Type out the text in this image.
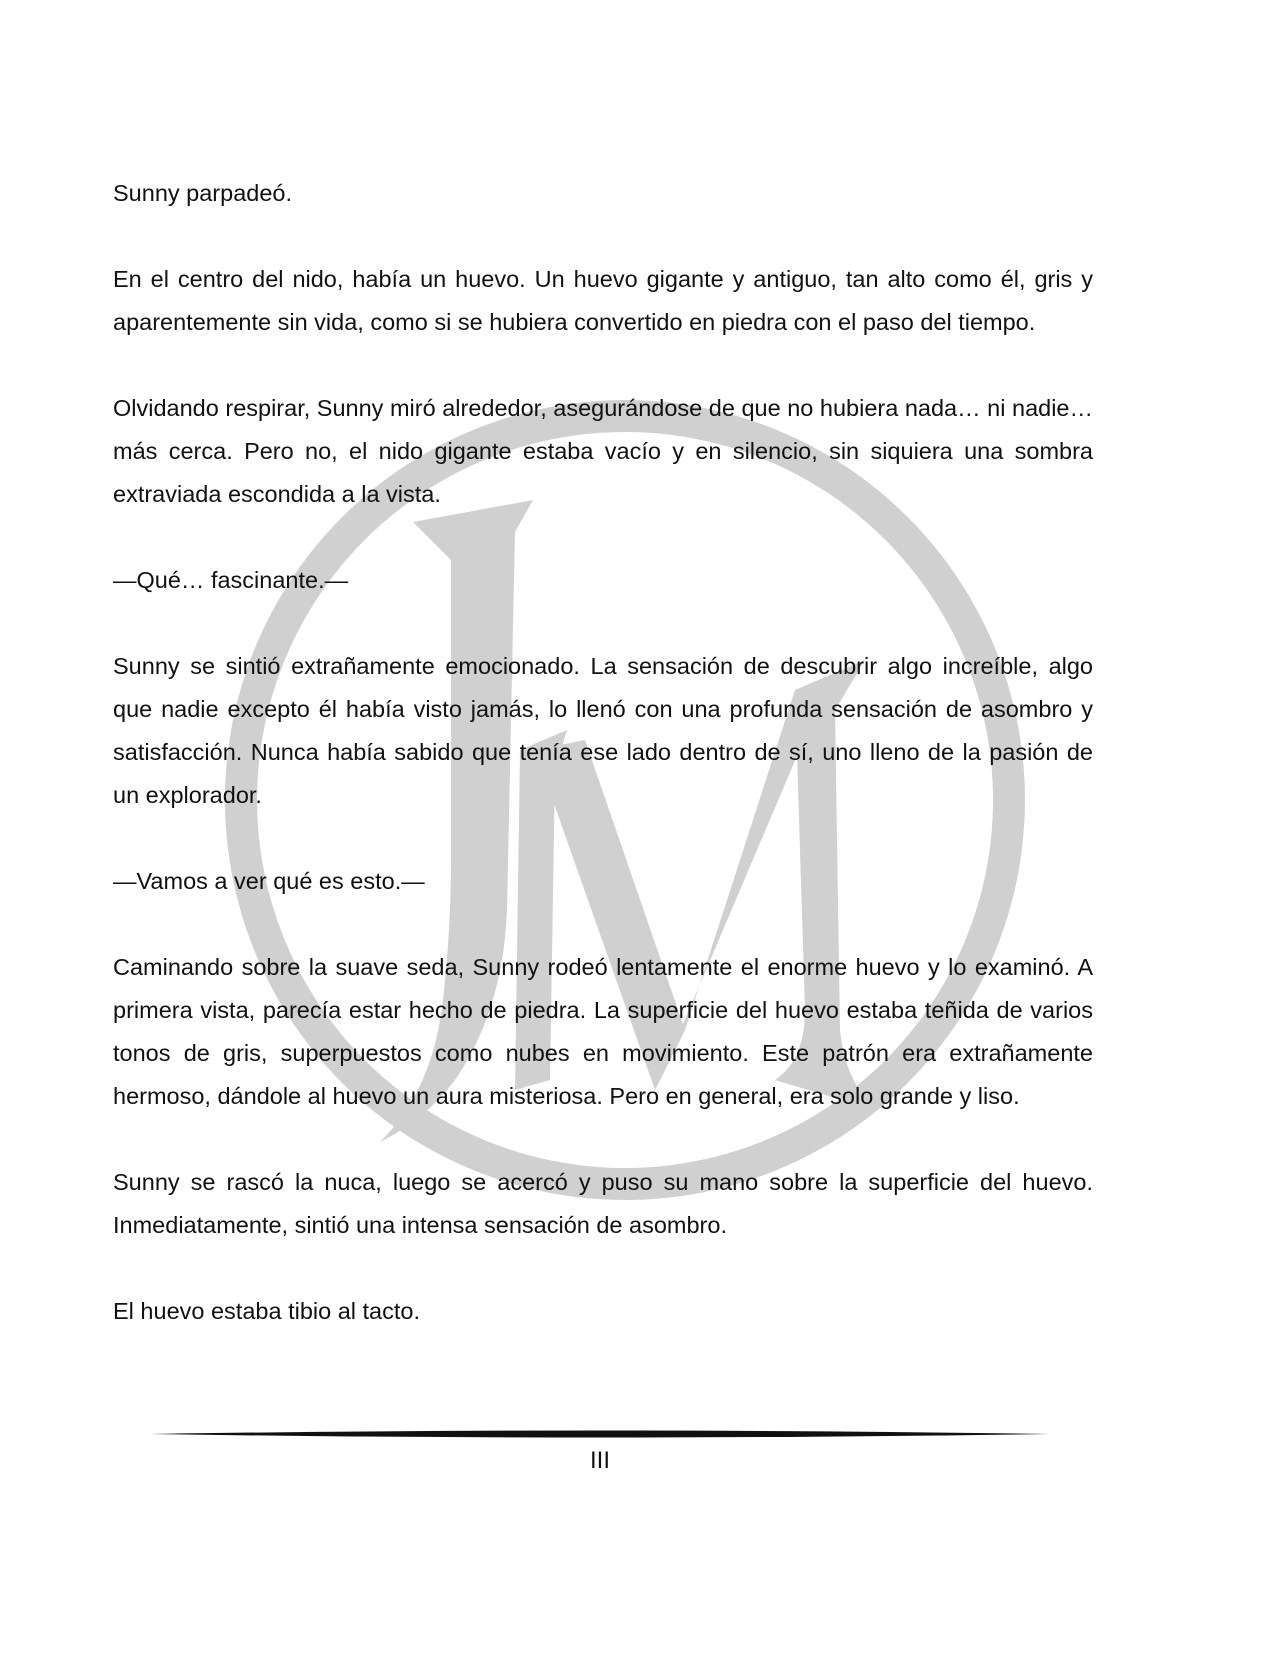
Sunny parpadeó.

En el centro del nido, había un huevo. Un huevo gigante y antiguo, tan alto como él, gris y aparentemente sin vida, como si se hubiera convertido en piedra con el paso del tiempo.

Olvidando respirar, Sunny miró alrededor, asegurándose de que no hubiera nada… ni nadie… más cerca. Pero no, el nido gigante estaba vacío y en silencio, sin siquiera una sombra extraviada escondida a la vista.

—Qué… fascinante.—

Sunny se sintió extrañamente emocionado. La sensación de descubrir algo increíble, algo que nadie excepto él había visto jamás, lo llenó con una profunda sensación de asombro y satisfacción. Nunca había sabido que tenía ese lado dentro de sí, uno lleno de la pasión de un explorador.

—Vamos a ver qué es esto.—

Caminando sobre la suave seda, Sunny rodeó lentamente el enorme huevo y lo examinó. A primera vista, parecía estar hecho de piedra. La superficie del huevo estaba teñida de varios tonos de gris, superpuestos como nubes en movimiento. Este patrón era extrañamente hermoso, dándole al huevo un aura misteriosa. Pero en general, era solo grande y liso.

Sunny se rascó la nuca, luego se acercó y puso su mano sobre la superficie del huevo. Inmediatamente, sintió una intensa sensación de asombro.

El huevo estaba tibio al tacto.

III
